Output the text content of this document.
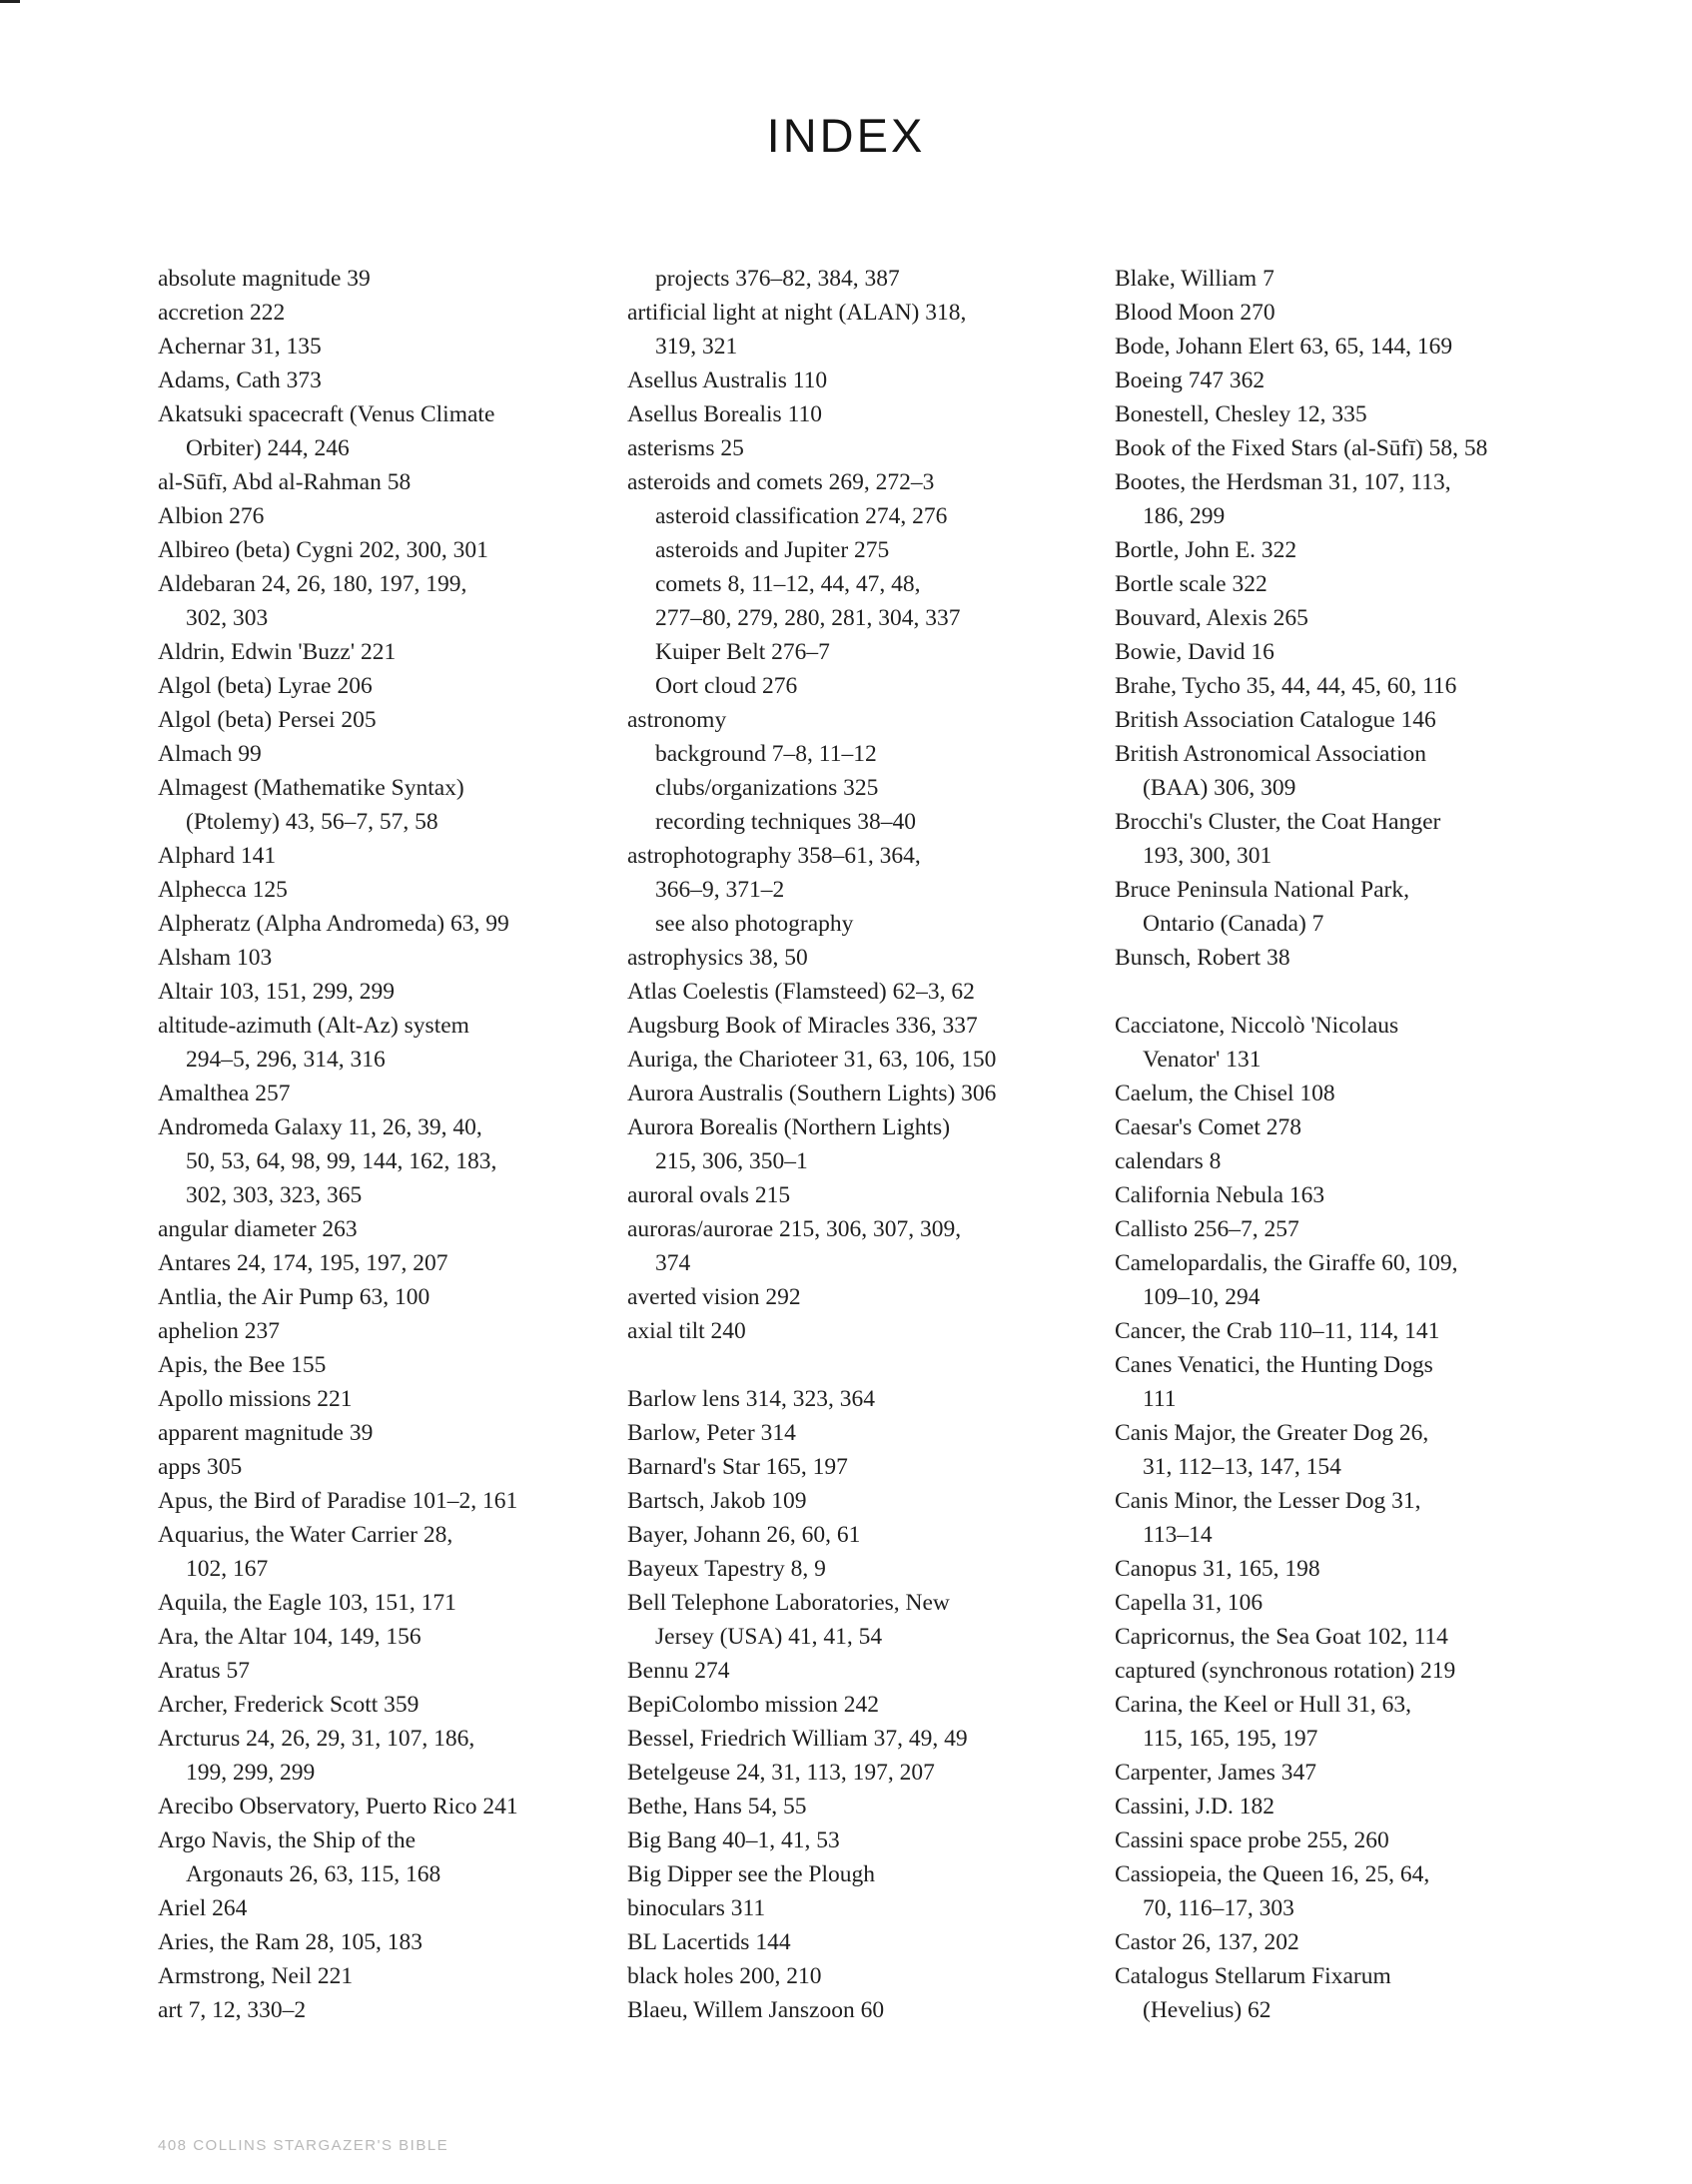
INDEX
absolute magnitude 39
accretion 222
Achernar 31, 135
Adams, Cath 373
Akatsuki spacecraft (Venus Climate
Orbiter) 244, 246
al-Sūfī, Abd al-Rahman 58
Albion 276
Albireo (beta) Cygni 202, 300, 301
Aldebaran 24, 26, 180, 197, 199,
302, 303
Aldrin, Edwin 'Buzz' 221
Algol (beta) Lyrae 206
Algol (beta) Persei 205
Almach 99
Almagest (Mathematike Syntax)
(Ptolemy) 43, 56–7, 57, 58
Alphard 141
Alphecca 125
Alpheratz (Alpha Andromeda) 63, 99
Alsham 103
Altair 103, 151, 299, 299
altitude-azimuth (Alt-Az) system
294–5, 296, 314, 316
Amalthea 257
Andromeda Galaxy 11, 26, 39, 40,
50, 53, 64, 98, 99, 144, 162, 183,
302, 303, 323, 365
angular diameter 263
Antares 24, 174, 195, 197, 207
Antlia, the Air Pump 63, 100
aphelion 237
Apis, the Bee 155
Apollo missions 221
apparent magnitude 39
apps 305
Apus, the Bird of Paradise 101–2, 161
Aquarius, the Water Carrier 28,
102, 167
Aquila, the Eagle 103, 151, 171
Ara, the Altar 104, 149, 156
Aratus 57
Archer, Frederick Scott 359
Arcturus 24, 26, 29, 31, 107, 186,
199, 299, 299
Arecibo Observatory, Puerto Rico 241
Argo Navis, the Ship of the
Argonauts 26, 63, 115, 168
Ariel 264
Aries, the Ram 28, 105, 183
Armstrong, Neil 221
art 7, 12, 330–2
projects 376–82, 384, 387
artificial light at night (ALAN) 318,
319, 321
Asellus Australis 110
Asellus Borealis 110
asterisms 25
asteroids and comets 269, 272–3
asteroid classification 274, 276
asteroids and Jupiter 275
comets 8, 11–12, 44, 47, 48,
277–80, 279, 280, 281, 304, 337
Kuiper Belt 276–7
Oort cloud 276
astronomy
background 7–8, 11–12
clubs/organizations 325
recording techniques 38–40
astrophotography 358–61, 364,
366–9, 371–2
see also photography
astrophysics 38, 50
Atlas Coelestis (Flamsteed) 62–3, 62
Augsburg Book of Miracles 336, 337
Auriga, the Charioteer 31, 63, 106, 150
Aurora Australis (Southern Lights) 306
Aurora Borealis (Northern Lights)
215, 306, 350–1
auroral ovals 215
auroras/aurorae 215, 306, 307, 309,
374
averted vision 292
axial tilt 240
Barlow lens 314, 323, 364
Barlow, Peter 314
Barnard's Star 165, 197
Bartsch, Jakob 109
Bayer, Johann 26, 60, 61
Bayeux Tapestry 8, 9
Bell Telephone Laboratories, New
Jersey (USA) 41, 41, 54
Bennu 274
BepiColombo mission 242
Bessel, Friedrich William 37, 49, 49
Betelgeuse 24, 31, 113, 197, 207
Bethe, Hans 54, 55
Big Bang 40–1, 41, 53
Big Dipper see the Plough
binoculars 311
BL Lacertids 144
black holes 200, 210
Blaeu, Willem Janszoon 60
Blake, William 7
Blood Moon 270
Bode, Johann Elert 63, 65, 144, 169
Boeing 747 362
Bonestell, Chesley 12, 335
Book of the Fixed Stars (al-Sūfī) 58, 58
Bootes, the Herdsman 31, 107, 113,
186, 299
Bortle, John E. 322
Bortle scale 322
Bouvard, Alexis 265
Bowie, David 16
Brahe, Tycho 35, 44, 44, 45, 60, 116
British Association Catalogue 146
British Astronomical Association
(BAA) 306, 309
Brocchi's Cluster, the Coat Hanger
193, 300, 301
Bruce Peninsula National Park,
Ontario (Canada) 7
Bunsch, Robert 38
Cacciatone, Niccolò 'Nicolaus
Venator' 131
Caelum, the Chisel 108
Caesar's Comet 278
calendars 8
California Nebula 163
Callisto 256–7, 257
Camelopardalis, the Giraffe 60, 109,
109–10, 294
Cancer, the Crab 110–11, 114, 141
Canes Venatici, the Hunting Dogs
111
Canis Major, the Greater Dog 26,
31, 112–13, 147, 154
Canis Minor, the Lesser Dog 31,
113–14
Canopus 31, 165, 198
Capella 31, 106
Capricornus, the Sea Goat 102, 114
captured (synchronous rotation) 219
Carina, the Keel or Hull 31, 63,
115, 165, 195, 197
Carpenter, James 347
Cassini, J.D. 182
Cassini space probe 255, 260
Cassiopeia, the Queen 16, 25, 64,
70, 116–17, 303
Castor 26, 137, 202
Catalogus Stellarum Fixarum
(Hevelius) 62
408 COLLINS STARGAZER'S BIBLE
